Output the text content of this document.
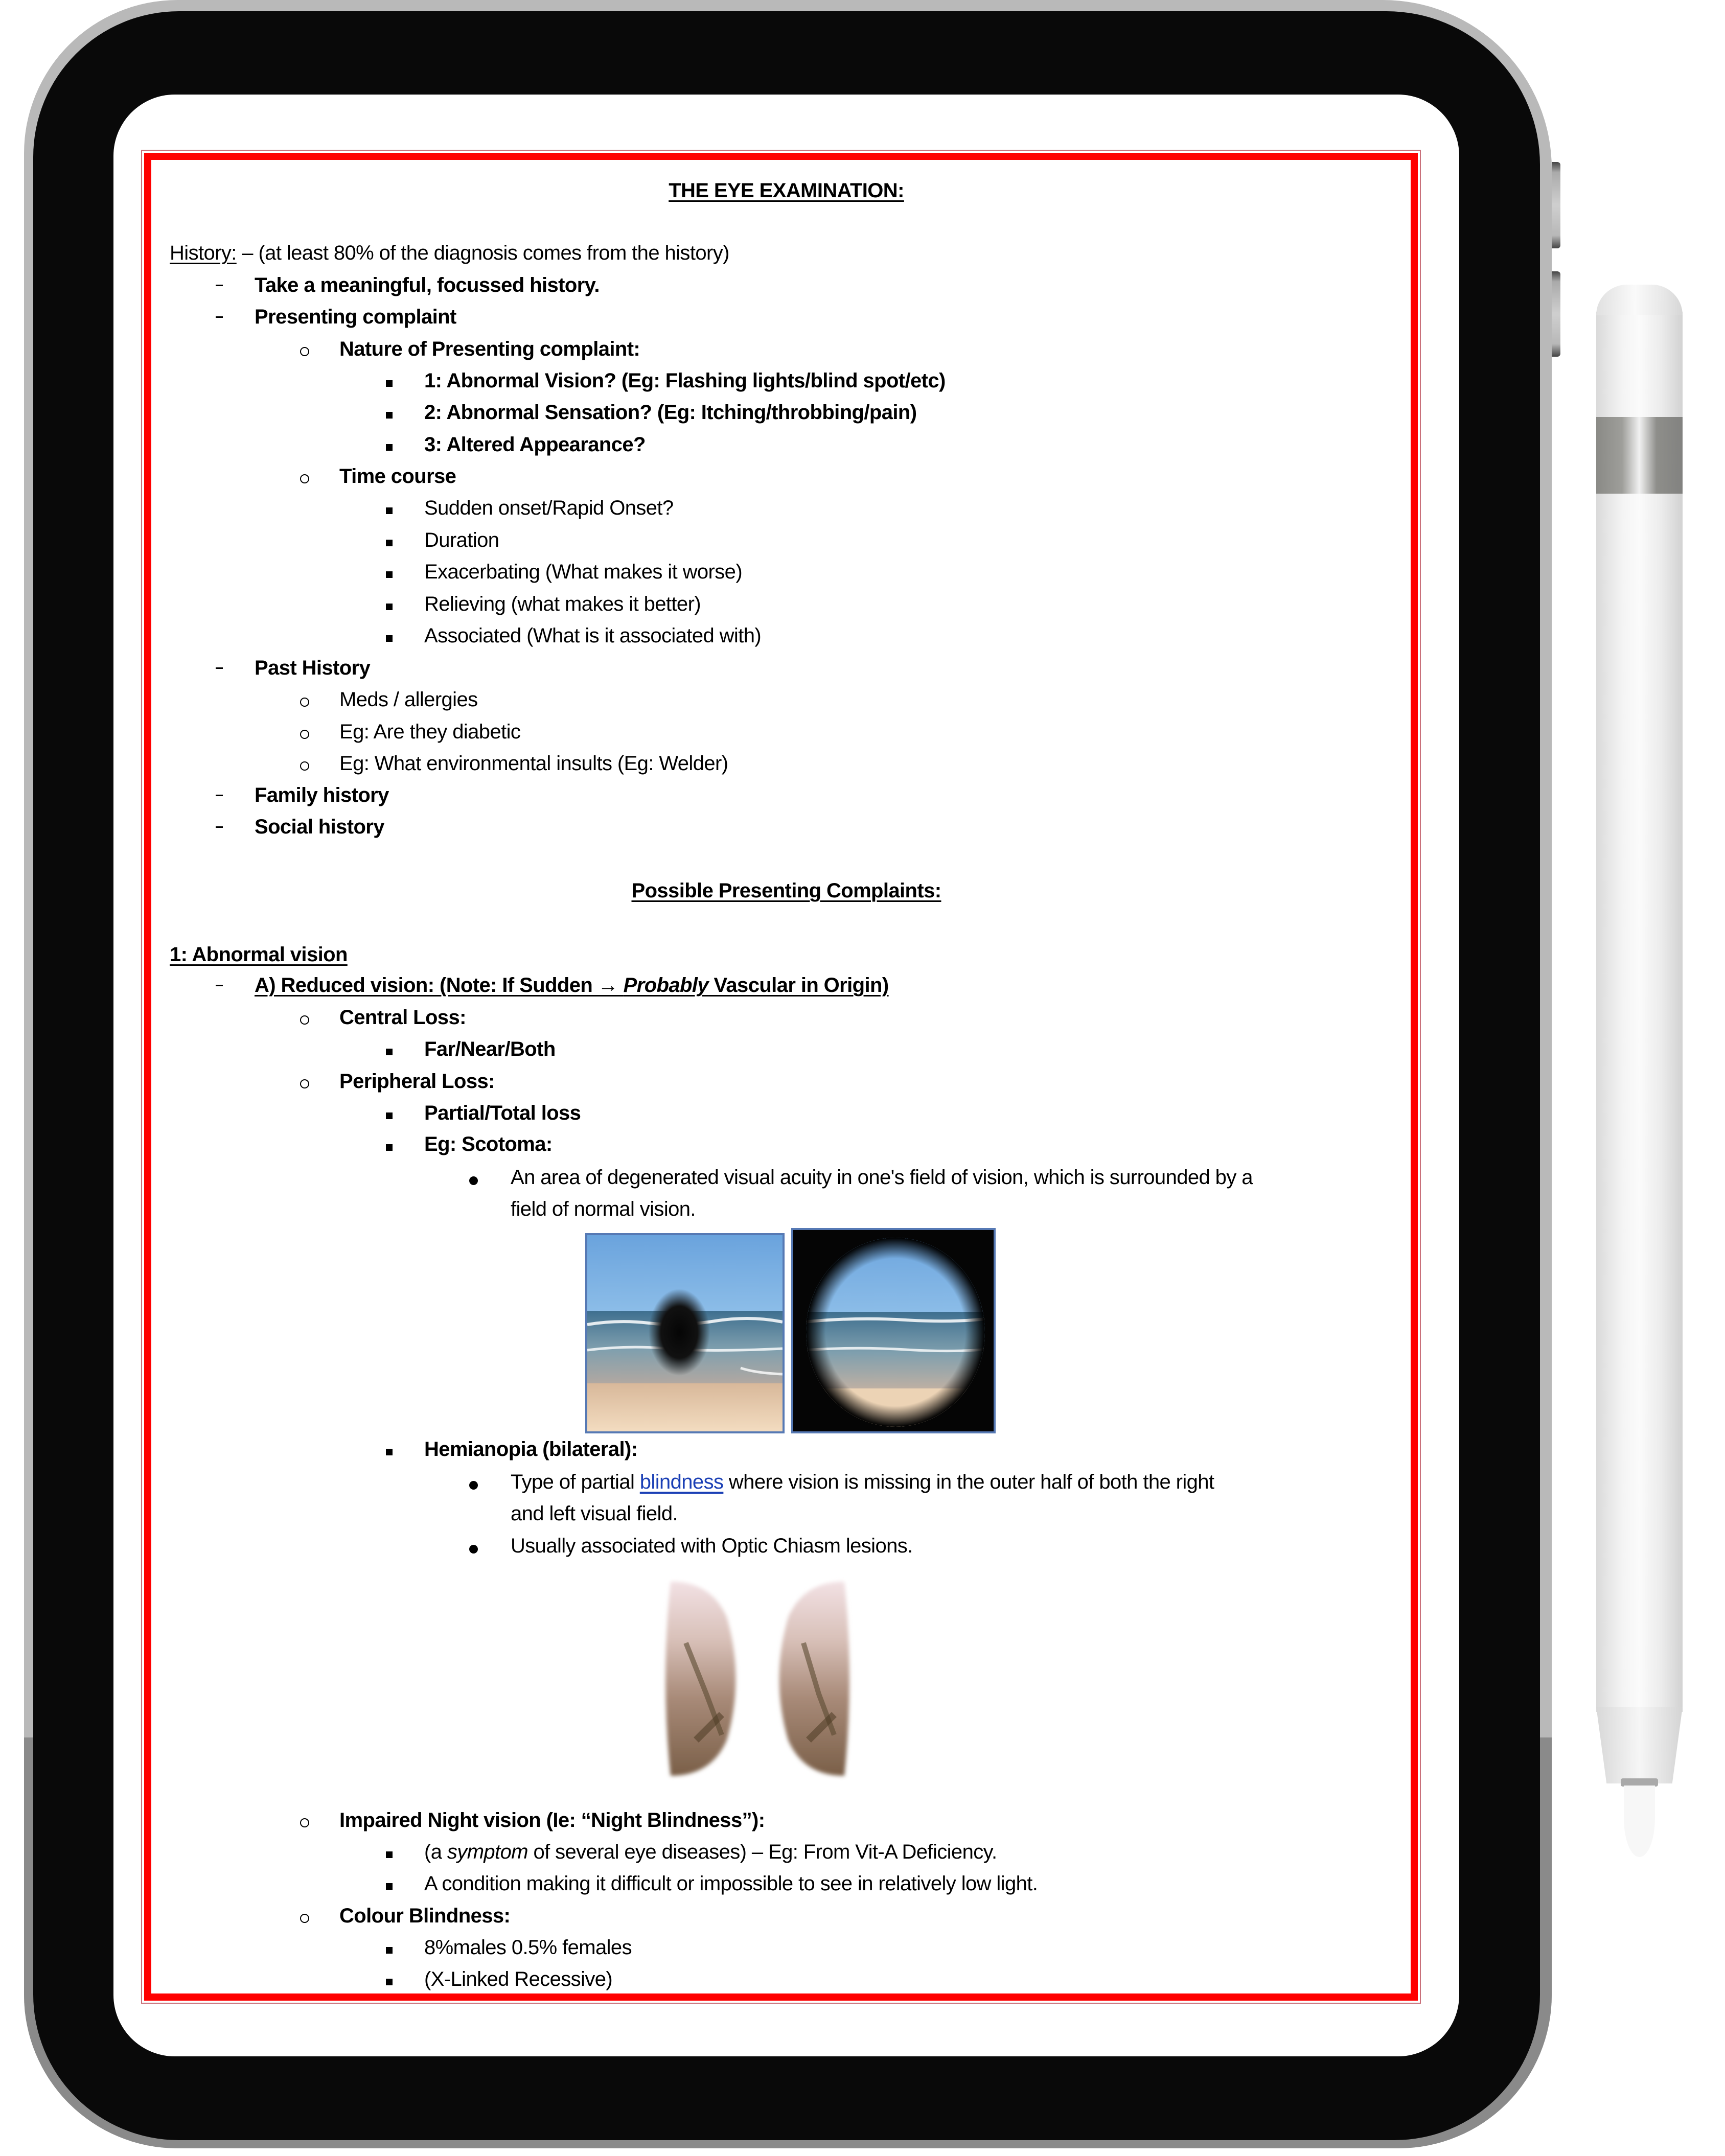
THE EYE EXAMINATION:
History: – (at least 80% of the diagnosis comes from the history)
Take a meaningful, focussed history.
Presenting complaint
Nature of Presenting complaint:
1: Abnormal Vision? (Eg: Flashing lights/blind spot/etc)
2: Abnormal Sensation? (Eg: Itching/throbbing/pain)
3: Altered Appearance?
Time course
Sudden onset/Rapid Onset?
Duration
Exacerbating (What makes it worse)
Relieving (what makes it better)
Associated (What is it associated with)
Past History
Meds / allergies
Eg: Are they diabetic
Eg: What environmental insults (Eg: Welder)
Family history
Social history
Possible Presenting Complaints:
1: Abnormal vision
A) Reduced vision: (Note: If Sudden → Probably Vascular in Origin)
Central Loss:
Far/Near/Both
Peripheral Loss:
Partial/Total loss
Eg: Scotoma:
An area of degenerated visual acuity in one's field of vision, which is surrounded by a
field of normal vision.
Hemianopia (bilateral):
Type of partial blindness where vision is missing in the outer half of both the right
and left visual field.
Usually associated with Optic Chiasm lesions.
Impaired Night vision (Ie: “Night Blindness”):
(a symptom of several eye diseases) – Eg: From Vit-A Deficiency.
A condition making it difficult or impossible to see in relatively low light.
Colour Blindness:
8%males 0.5% females
(X-Linked Recessive)
